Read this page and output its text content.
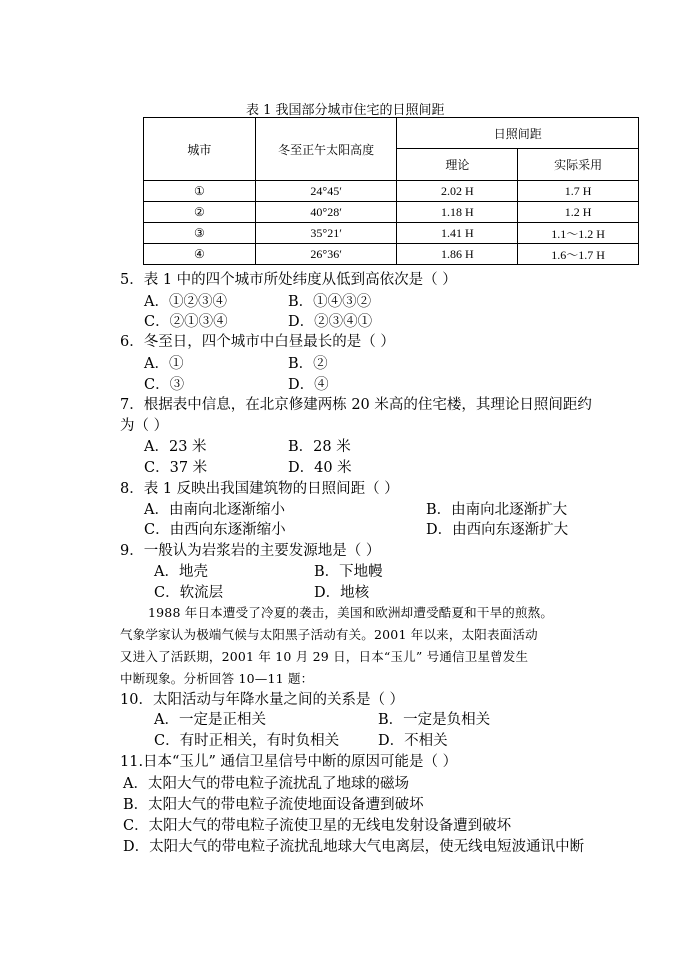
表 1 我国部分城市住宅的日照间距
城市	冬至正午太阳高度	日照间距	
		理论	实际采用
①	24°45′	2.02 H	1.7 H
②	40°28′	1.18 H	1.2 H
③	35°21′	1.41 H	1.1～1.2 H
④	26°36′	1.86 H	1.6～1.7 H
5．表 1 中的四个城市所处纬度从低到高依次是（ ）
A．①②③④	B．①④③②
C．②①③④	D．②③④①
6．冬至日，四个城市中白昼最长的是（ ）
A．①	B．②
C．③	D．④
7．根据表中信息，在北京修建两栋 20 米高的住宅楼，其理论日照间距约
为（ ）
A．23 米	B．28 米
C．37 米	D．40 米
8．表 1 反映出我国建筑物的日照间距（ ）
A．由南向北逐渐缩小	B．由南向北逐渐扩大
C．由西向东逐渐缩小	D．由西向东逐渐扩大
9．一般认为岩浆岩的主要发源地是（ ）
A．地壳	B．下地幔
C．软流层	D．地核
1988 年日本遭受了冷夏的袭击，美国和欧洲却遭受酷夏和干旱的煎熬。
气象学家认为极端气候与太阳黑子活动有关。2001 年以来，太阳表面活动
又进入了活跃期，2001 年 10 月 29 日，日本“玉儿” 号通信卫星曾发生
中断现象。分析回答 10—11 题：
10．太阳活动与年降水量之间的关系是（ ）
A．一定是正相关	B．一定是负相关
C．有时正相关，有时负相关	D．不相关
11.日本“玉儿” 通信卫星信号中断的原因可能是（ ）
A．太阳大气的带电粒子流扰乱了地球的磁场
B．太阳大气的带电粒子流使地面设备遭到破坏
C．太阳大气的带电粒子流使卫星的无线电发射设备遭到破坏
D．太阳大气的带电粒子流扰乱地球大气电离层，使无线电短波通讯中断
